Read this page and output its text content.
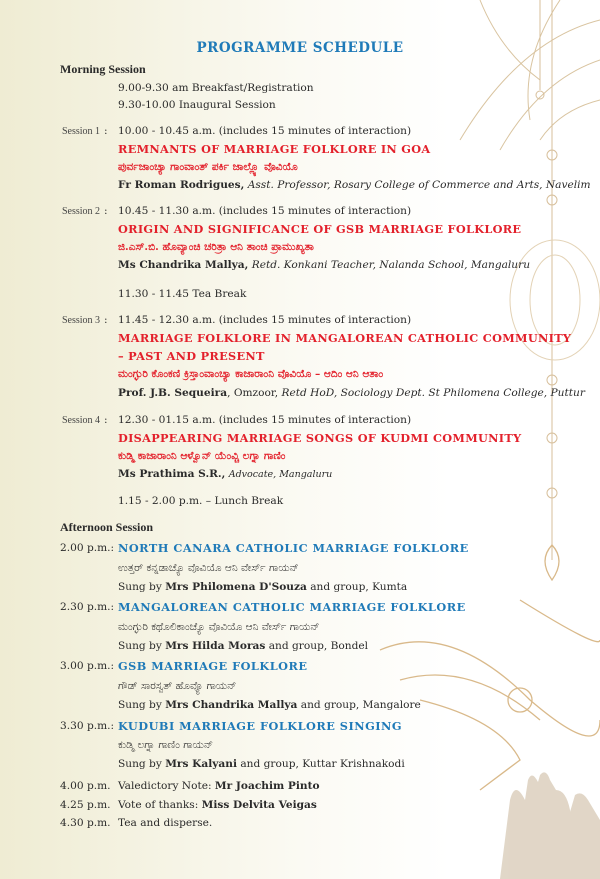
PROGRAMME SCHEDULE
Morning Session
9.00-9.30 am Breakfast/Registration
9.30-10.00 Inaugural Session
Session 1 : 10.00 - 10.45 a.m. (includes 15 minutes of interaction)
REMNANTS OF MARRIAGE FOLKLORE IN GOA
ಪುರ್ವಜಾಂಚ್ಯಾ ಗಾಂವಾಂತ್ ಪರ್ಕಿ ಜಾಲ್ಲ್ಯೊ ವೊವಿಯೊ
Fr Roman Rodrigues, Asst. Professor, Rosary College of Commerce and Arts, Navelim
Session 2 : 10.45 - 11.30 a.m. (includes 15 minutes of interaction)
ORIGIN AND SIGNIFICANCE OF GSB MARRIAGE FOLKLORE
ಜಿ.ಎಸ್.ಬಿ. ಹೊವ್ಯಾಂಚಿ ಚರಿತ್ರಾ ಆನಿ ತಾಂಚಿ ಪ್ರಾಮುಖ್ಯತಾ
Ms Chandrika Mallya, Retd. Konkani Teacher, Nalanda School, Mangaluru
11.30 - 11.45 Tea Break
Session 3 : 11.45 - 12.30 a.m. (includes 15 minutes of interaction)
MARRIAGE FOLKLORE IN MANGALOREAN CATHOLIC COMMUNITY
– PAST AND PRESENT
ಮಂಗ್ಳುರಿ ಕೊಂಕಣಿ ಕ್ರಿಸ್ತಾಂವಾಂಚ್ಯಾ ಕಾಜಾರಾಂನಿ ವೊವಿಯೊ – ಆದಿಂ ಆನಿ ಆತಾಂ
Prof. J.B. Sequeira, Omzoor, Retd HoD, Sociology Dept. St Philomena College, Puttur
Session 4 : 12.30 - 01.15 a.m. (includes 15 minutes of interaction)
DISAPPEARING MARRIAGE SONGS OF KUDMI COMMUNITY
ಕುಡ್ಮಿ ಕಾಜಾರಾಂನಿ ಆಳ್ವೊನ್ ಯೆಂವ್ಚಿ ಲಗ್ನಾ ಗಾಣಿಂ
Ms Prathima S.R., Advocate, Mangaluru
1.15 - 2.00 p.m. – Lunch Break
Afternoon Session
2.00 p.m.: NORTH CANARA CATHOLIC MARRIAGE FOLKLORE
ಉತ್ತರ್ ಕನ್ನಡಾಚ್ಯೊ ವೊವಿಯೊ ಆನಿ ವೇರ್ಸ್ ಗಾಯನ್
Sung by Mrs Philomena D'Souza and group, Kumta
2.30 p.m.: MANGALOREAN CATHOLIC MARRIAGE FOLKLORE
ಮಂಗ್ಳುರಿ ಕಥೊಲಿಕಾಂಚ್ಯೊ ವೊವಿಯೊ ಆನಿ ವೇರ್ಸ್ ಗಾಯನ್
Sung by Mrs Hilda Moras and group, Bondel
3.00 p.m.: GSB MARRIAGE FOLKLORE
ಗೌಡ್ ಸಾರಸ್ವತ್ ಹೊವ್ಯೊ ಗಾಯನ್
Sung by Mrs Chandrika Mallya and group, Mangalore
3.30 p.m.: KUDUBI MARRIAGE FOLKLORE SINGING
ಕುಡ್ಮಿ ಲಗ್ನಾ ಗಾಣಿಂ ಗಾಯನ್
Sung by Mrs Kalyani and group, Kuttar Krishnakodi
4.00 p.m. Valedictory Note: Mr Joachim Pinto
4.25 p.m. Vote of thanks: Miss Delvita Veigas
4.30 p.m. Tea and disperse.
